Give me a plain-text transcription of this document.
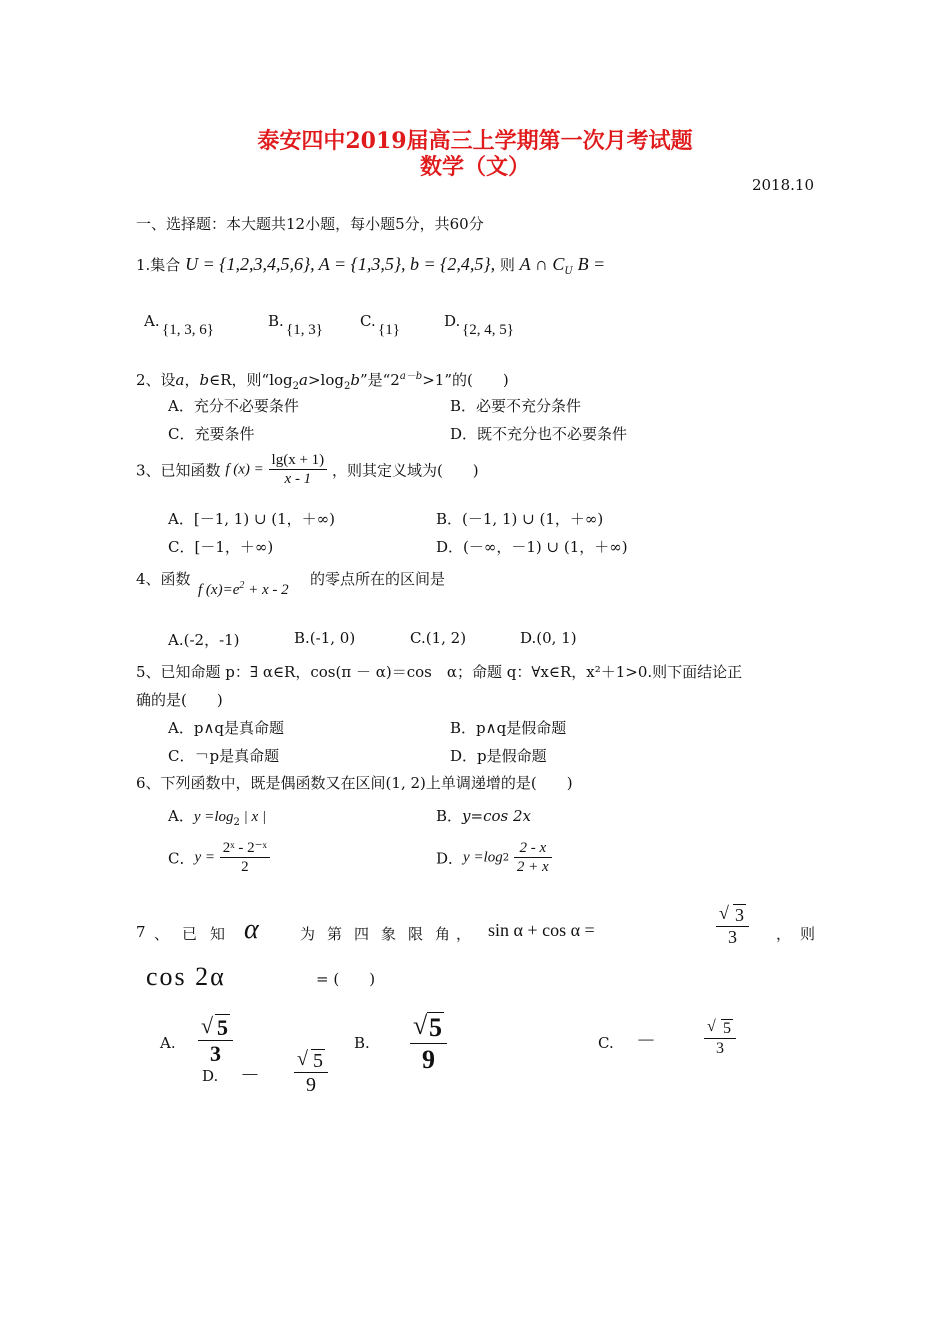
泰安四中2019届高三上学期第一次月考试题
数学（文）
2018.10
一、选择题：本大题共12小题，每小题5分，共60分
1.集合 U = {1,2,3,4,5,6}, A = {1,3,5}, b = {2,4,5}, 则 A ∩ $C_U$ B =
A. {1, 3, 6}	B. {1, 3} C. {1}	D. {2, 4, 5}
2、设a，b∈R，则“$\log_2a>\log_2b$”是“$2^{a-b}>1$”的(　　)
A．充分不必要条件	B．必要不充分条件
C．充要条件	D．既不充分也不必要条件
3、已知函数 f $(x) = \frac{\lg(x + 1)}{x - 1}$ ，则其定义域为(　　)
A．[－1, 1) ∪ (1，＋∞)	B．(－1, 1) ∪ (1，＋∞)
C．[－1，＋∞)	D．(－∞，－1) ∪ (1，＋∞)
4、函数
f $(x)=e^2 + x - 2$
的零点所在的区间是
A.(-2，-1)	B.(-1, 0)	C.(1, 2)	D.(0, 1)
5、已知命题 p：∃ α∈R，cos(π － α)＝cos　α；命题 q：∀x∈R，x²＋1>0.则下面结论正
确的是(　　)
A．p∧q是真命题	B．p∧q是假命题
C．￢p是真命题	D．p是假命题
6、下列函数中，既是偶函数又在区间(1, 2)上单调递增的是(　　)
A．$y =\log_2$ | x |	B．y=cos 2x
C．$y = \frac{\text{2ˣ - 2⁻ˣ}}{2}$	D．$y =\log 2 \frac{2 - x}{2 + x}$
7 、 已 知 α	为 第 四 象 限 角 ， sin α + cos α =	$\frac{√ 3}{3}$ ， 则
cos 2α	= (　　)
A. $\frac{√ 5}{3}$	B. $\frac{√ 5}{9}$	C. －	$\frac{√ 5}{3}$
D. － $\frac{√ 5}{9}$
